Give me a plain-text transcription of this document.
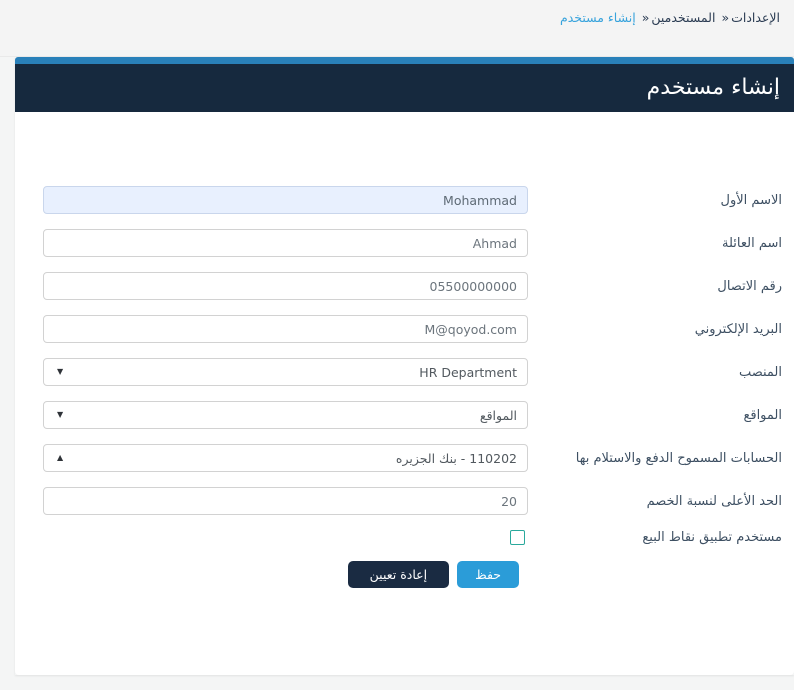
الإعدادات
»
المستخدمين
»
إنشاء مستخدم
إنشاء مستخدم
الاسم الأول
Mohammad
اسم العائلة
Ahmad
رقم الاتصال
05500000000
البريد الإلكتروني
M@qoyod.com
المنصب
HR Department
▼
المواقع
المواقع
▼
الحسابات المسموح الدفع والاستلام بها
110202 - بنك الجزيره
▲
الحد الأعلى لنسبة الخصم
20
مستخدم تطبيق نقاط البيع
حفظ
إعادة تعيين
